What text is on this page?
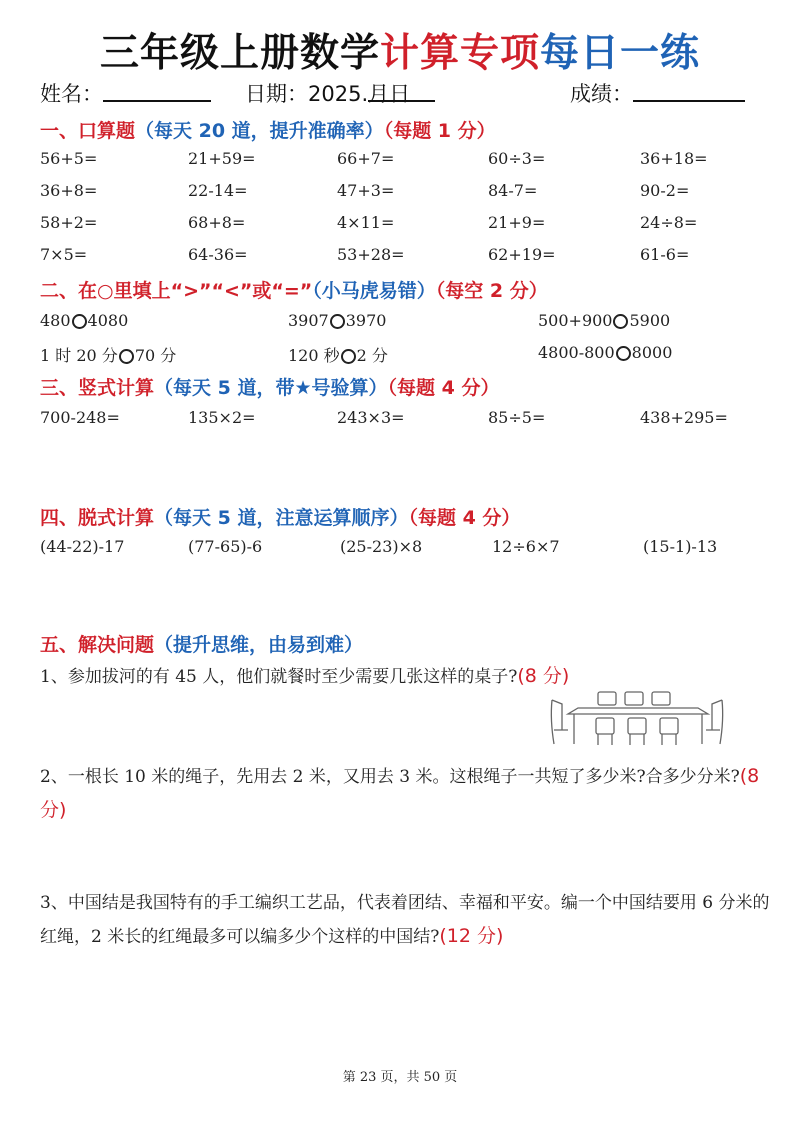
三年级上册数学计算专项每日一练
姓名：	日期：2025.
月
日	成绩：
一、口算题（每天 20 道，提升准确率）（每题 1 分）
56+5=	21+59=	66+7=	60÷3=	36+18=
36+8=	22-14=	47+3=	84-7=	90-2=
58+2=	68+8=	4×11=	21+9=	24÷8=
7×5=	64-36=	53+28=	62+19=	61-6=
二、在○里填上“>”“<”或“=”（小马虎易错）（每空 2 分）
480 4080	3907 3970	500+900 5900
1 时 20 分 70 分	120 秒 2 分	4800-800 8000
三、竖式计算（每天 5 道，带★号验算）（每题 4 分）
700-248=	135×2=	243×3=	85÷5=	438+295=
四、脱式计算（每天 5 道，注意运算顺序）（每题 4 分）
(44-22)-17	(77-65)-6	(25-23)×8	12÷6×7	(15-1)-13
五、解决问题（提升思维，由易到难）
1、参加拔河的有 45 人，他们就餐时至少需要几张这样的桌子?(8 分)
2、一根长 10 米的绳子，先用去 2 米，又用去 3 米。这根绳子一共短了多少米?合多少分米?(8 分)
3、中国结是我国特有的手工编织工艺品，代表着团结、幸福和平安。编一个中国结要用 6 分米的红绳，2 米长的红绳最多可以编多少个这样的中国结?(12 分)
第 23 页，共 50 页
